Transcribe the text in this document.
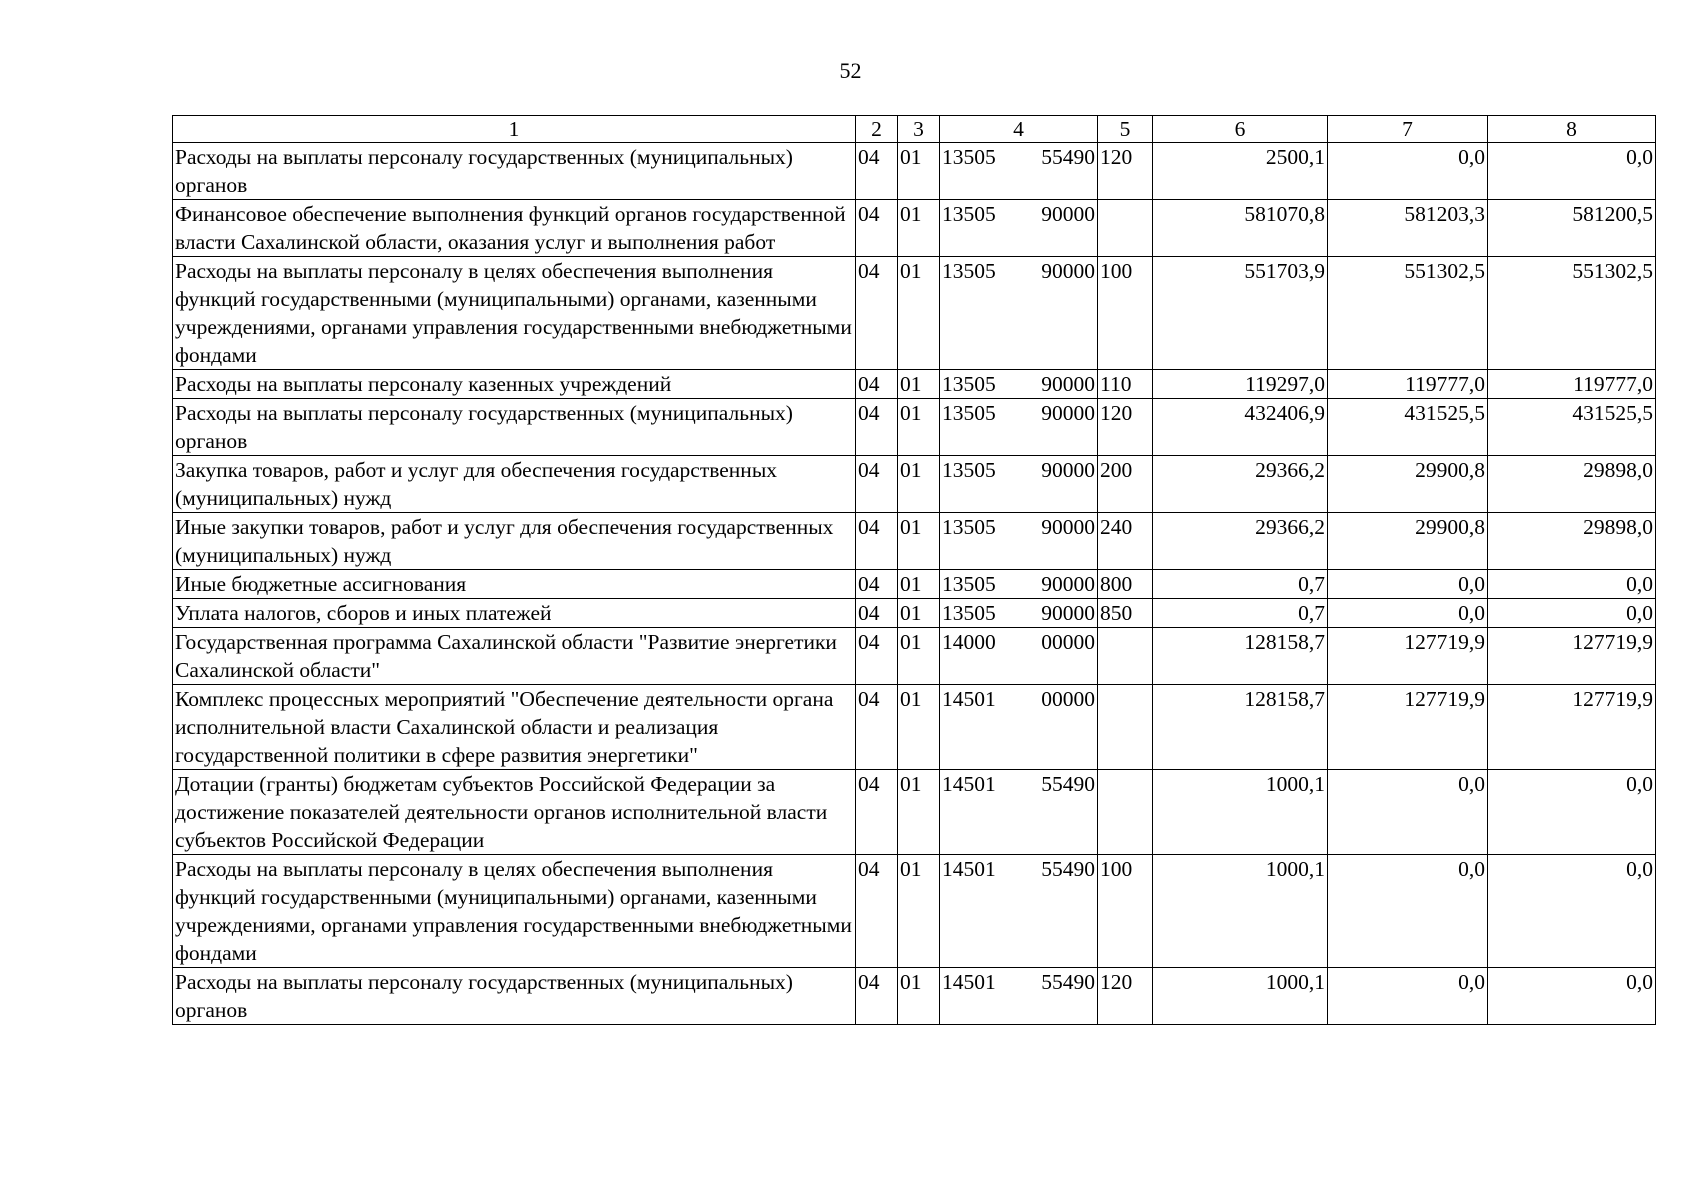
52
1	2	3	4	5	6	7	8
Расходы на выплаты персоналу государственных (муниципальных) органов	04	01	13505 55490	120	2500,1	0,0	0,0
Финансовое обеспечение выполнения функций органов государственной власти Сахалинской области, оказания услуг и выполнения работ	04	01	13505 90000		581070,8	581203,3	581200,5
Расходы на выплаты персоналу в целях обеспечения выполнения функций государственными (муниципальными) органами, казенными учреждениями, органами управления государственными внебюджетными фондами	04	01	13505 90000	100	551703,9	551302,5	551302,5
Расходы на выплаты персоналу казенных учреждений	04	01	13505 90000	110	119297,0	119777,0	119777,0
Расходы на выплаты персоналу государственных (муниципальных) органов	04	01	13505 90000	120	432406,9	431525,5	431525,5
Закупка товаров, работ и услуг для обеспечения государственных (муниципальных) нужд	04	01	13505 90000	200	29366,2	29900,8	29898,0
Иные закупки товаров, работ и услуг для обеспечения государственных (муниципальных) нужд	04	01	13505 90000	240	29366,2	29900,8	29898,0
Иные бюджетные ассигнования	04	01	13505 90000	800	0,7	0,0	0,0
Уплата налогов, сборов и иных платежей	04	01	13505 90000	850	0,7	0,0	0,0
Государственная программа Сахалинской области "Развитие энергетики Сахалинской области"	04	01	14000 00000		128158,7	127719,9	127719,9
Комплекс процессных мероприятий "Обеспечение деятельности органа исполнительной власти Сахалинской области и реализация государственной политики в сфере развития энергетики"	04	01	14501 00000		128158,7	127719,9	127719,9
Дотации (гранты) бюджетам субъектов Российской Федерации за достижение показателей деятельности органов исполнительной власти субъектов Российской Федерации	04	01	14501 55490		1000,1	0,0	0,0
Расходы на выплаты персоналу в целях обеспечения выполнения функций государственными (муниципальными) органами, казенными учреждениями, органами управления государственными внебюджетными фондами	04	01	14501 55490	100	1000,1	0,0	0,0
Расходы на выплаты персоналу государственных (муниципальных) органов	04	01	14501 55490	120	1000,1	0,0	0,0
